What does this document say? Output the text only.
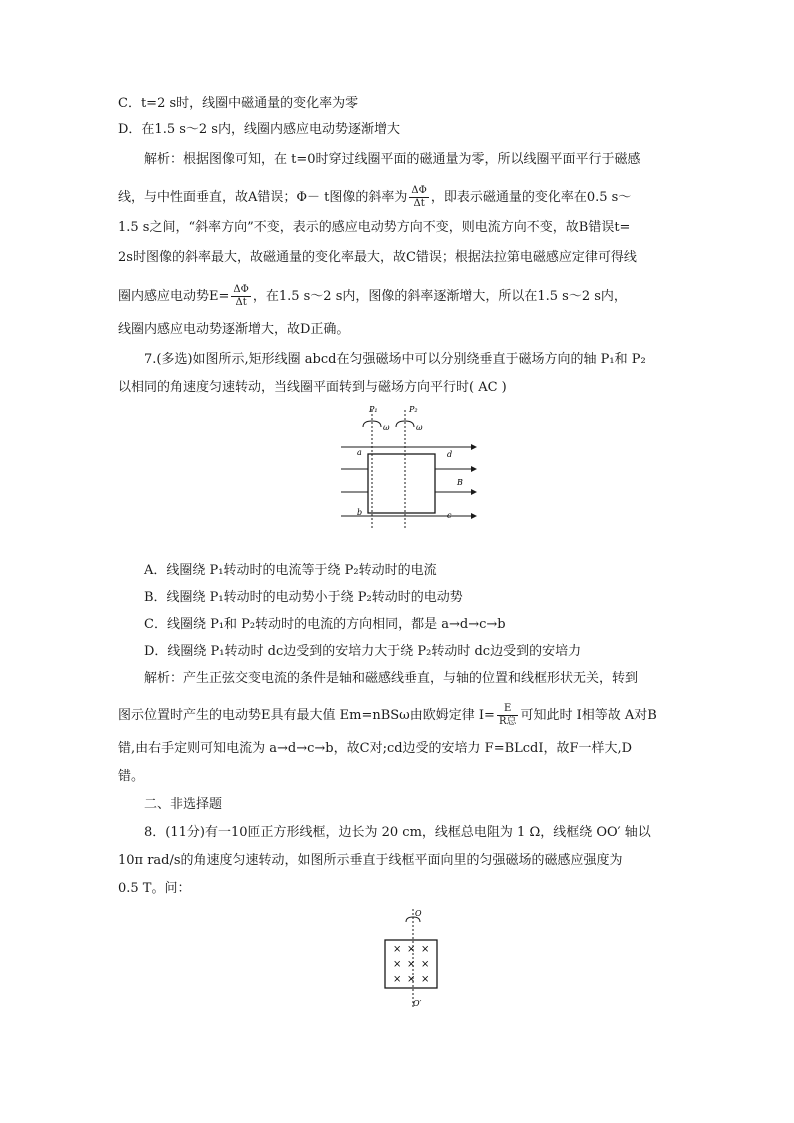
C．t=2 s时，线圈中磁通量的变化率为零
D．在1.5 s～2 s内，线圈内感应电动势逐渐增大
解析：根据图像可知，在 t=0时穿过线圈平面的磁通量为零，所以线圈平面平行于磁感
线，与中性面垂直，故A错误；Φ－ t图像的斜率为 $\frac{\Delta\Phi}{\Delta t}$ ，即表示磁通量的变化率在0.5 s～
1.5 s之间，“斜率方向”不变，表示的感应电动势方向不变，则电流方向不变，故B错误t=
2s时图像的斜率最大，故磁通量的变化率最大，故C错误；根据法拉第电磁感应定律可得线
圈内感应电动势$E= \frac{\Delta\Phi}{\Delta t}$ ，在1.5 s～2 s内，图像的斜率逐渐增大，所以在1.5 s～2 s内，
线圈内感应电动势逐渐增大，故D正确。
7.(多选)如图所示,矩形线圈 abcd在匀强磁场中可以分别绕垂直于磁场方向的轴 P₁和 P₂
以相同的角速度匀速转动，当线圈平面转到与磁场方向平行时( AC )
P₁	P₂
ω	ω
a	d
B
b	c
A．线圈绕 P₁转动时的电流等于绕 P₂转动时的电流
B．线圈绕 P₁转动时的电动势小于绕 P₂转动时的电动势
C．线圈绕 P₁和 P₂转动时的电流的方向相同，都是 a→d→c→b
D．线圈绕 P₁转动时 dc边受到的安培力大于绕 P₂转动时 dc边受到的安培力
解析：产生正弦交变电流的条件是轴和磁感线垂直，与轴的位置和线框形状无关，转到
图示位置时产生的电动势E具有最大值 Em=nBSω由欧姆定律 $I= \frac{E}{\text{R总}}$ 可知此时 I相等故 A对B
错,由右手定则可知电流为 a→d→c→b，故C对;cd边受的安培力 F=BLcdI，故F一样大,D
错。
二、非选择题
8．(11分)有一10匝正方形线框，边长为 20 cm，线框总电阻为 1 Ω，线框绕 OO′ 轴以
10π rad/s的角速度匀速转动，如图所示垂直于线框平面向里的匀强磁场的磁感应强度为
0.5 T。问：
O
× × ×
× × ×
× × ×
O′
